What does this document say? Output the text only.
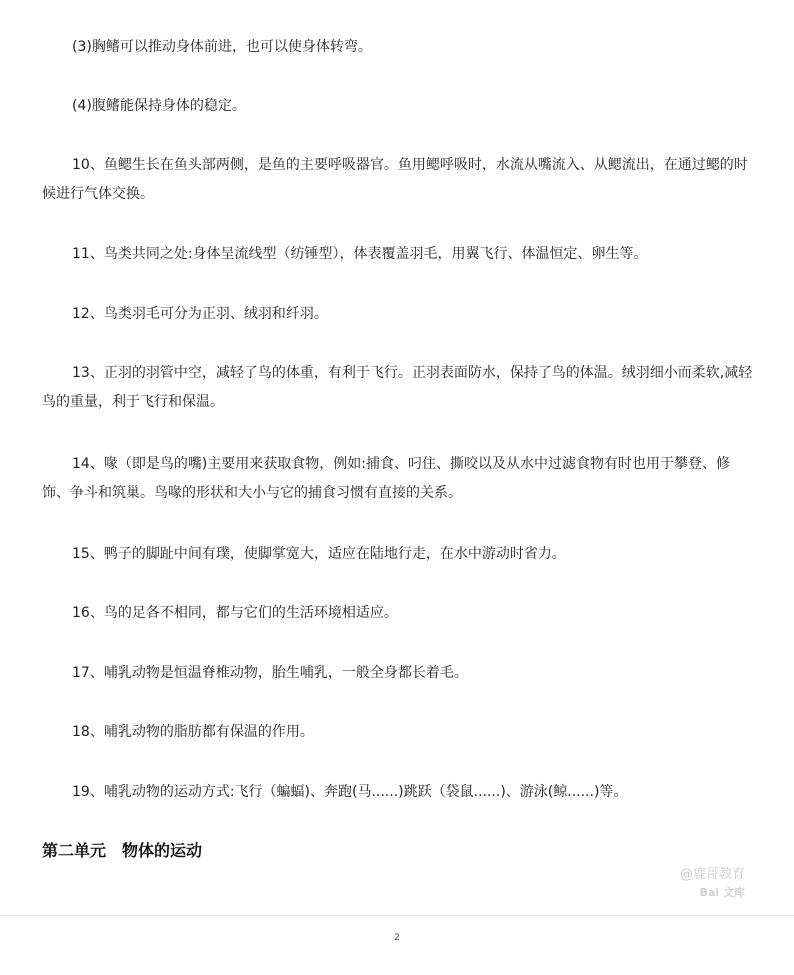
(3)胸鳍可以推动身体前进，也可以使身体转弯。

(4)腹鳍能保持身体的稳定。

10、鱼鳃生长在鱼头部两侧，是鱼的主要呼吸器官。鱼用鳃呼吸时，水流从嘴流入、从鳃流出，在通过鳃的时候进行气体交换。

11、鸟类共同之处:身体呈流线型（纺锤型），体表覆盖羽毛，用翼飞行、体温恒定、卵生等。

12、鸟类羽毛可分为正羽、绒羽和纤羽。

13、正羽的羽管中空，减轻了鸟的体重，有利于飞行。正羽表面防水，保持了鸟的体温。绒羽细小而柔软,减轻鸟的重量，利于飞行和保温。

14、喙（即是鸟的嘴)主要用来获取食物，例如:捕食、叼住、撕咬以及从水中过滤食物有时也用于攀登、修饰、争斗和筑巢。鸟喙的形状和大小与它的捕食习惯有直接的关系。

15、鸭子的脚趾中间有璞，使脚掌宽大，适应在陆地行走，在水中游动时省力。

16、鸟的足各不相同，都与它们的生活环境相适应。

17、哺乳动物是恒温脊椎动物，胎生哺乳，一般全身都长着毛。

18、哺乳动物的脂肪都有保温的作用。

19、哺乳动物的运动方式:飞行（蝙蝠)、奔跑(马......)跳跃（袋鼠......)、游泳(鲸......)等。

第二单元　物体的运动
@鹿哥教育
Bai 文库
2
